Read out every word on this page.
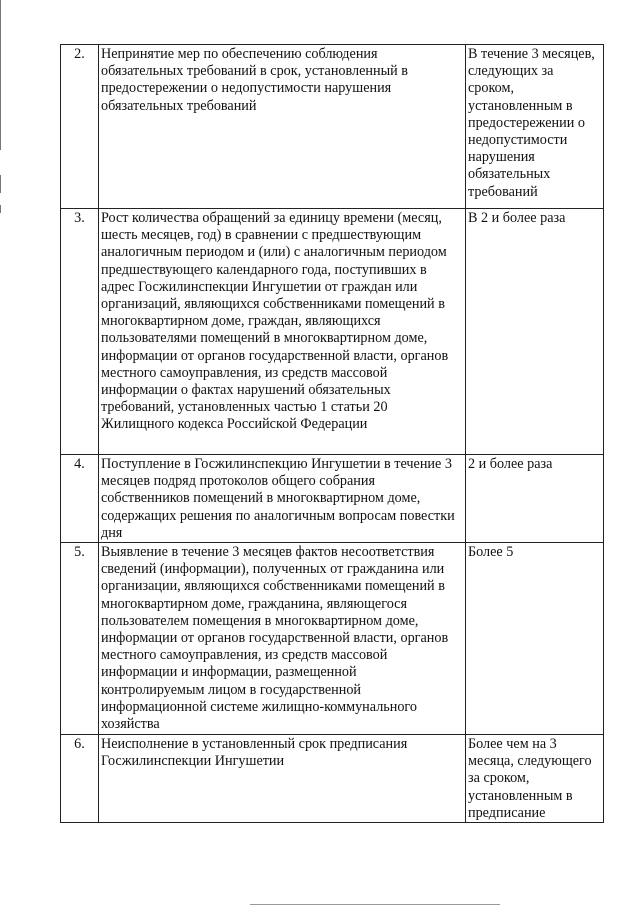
2.	Непринятие мер по обеспечению соблюдения обязательных требований в срок, установленный в предостережении о недопустимости нарушения обязательных требований	В течение 3 месяцев, следующих за сроком, установленным в предостережении о недопустимости нарушения обязательных требований
3.	Рост количества обращений за единицу времени (месяц, шесть месяцев, год) в сравнении с предшествующим аналогичным периодом и (или) с аналогичным периодом предшествующего календарного года, поступивших в адрес Госжилинспекции Ингушетии от граждан или организаций, являющихся собственниками помещений в многоквартирном доме, граждан, являющихся пользователями помещений в многоквартирном доме, информации от органов государственной власти, органов местного самоуправления, из средств массовой информации о фактах нарушений обязательных требований, установленных частью 1 статьи 20 Жилищного кодекса Российской Федерации	В 2 и более раза
4.	Поступление в Госжилинспекцию Ингушетии в течение 3 месяцев подряд протоколов общего собрания собственников помещений в многоквартирном доме, содержащих решения по аналогичным вопросам повестки дня	2 и более раза
5.	Выявление в течение 3 месяцев фактов несоответствия сведений (информации), полученных от гражданина или организации, являющихся собственниками помещений в многоквартирном доме, гражданина, являющегося пользователем помещения в многоквартирном доме, информации от органов государственной власти, органов местного самоуправления, из средств массовой информации и информации, размещенной контролируемым лицом в государственной информационной системе жилищно-коммунального хозяйства	Более 5
6.	Неисполнение в установленный срок предписания Госжилинспекции Ингушетии	Более чем на 3 месяца, следующего за сроком, установленным в предписание
